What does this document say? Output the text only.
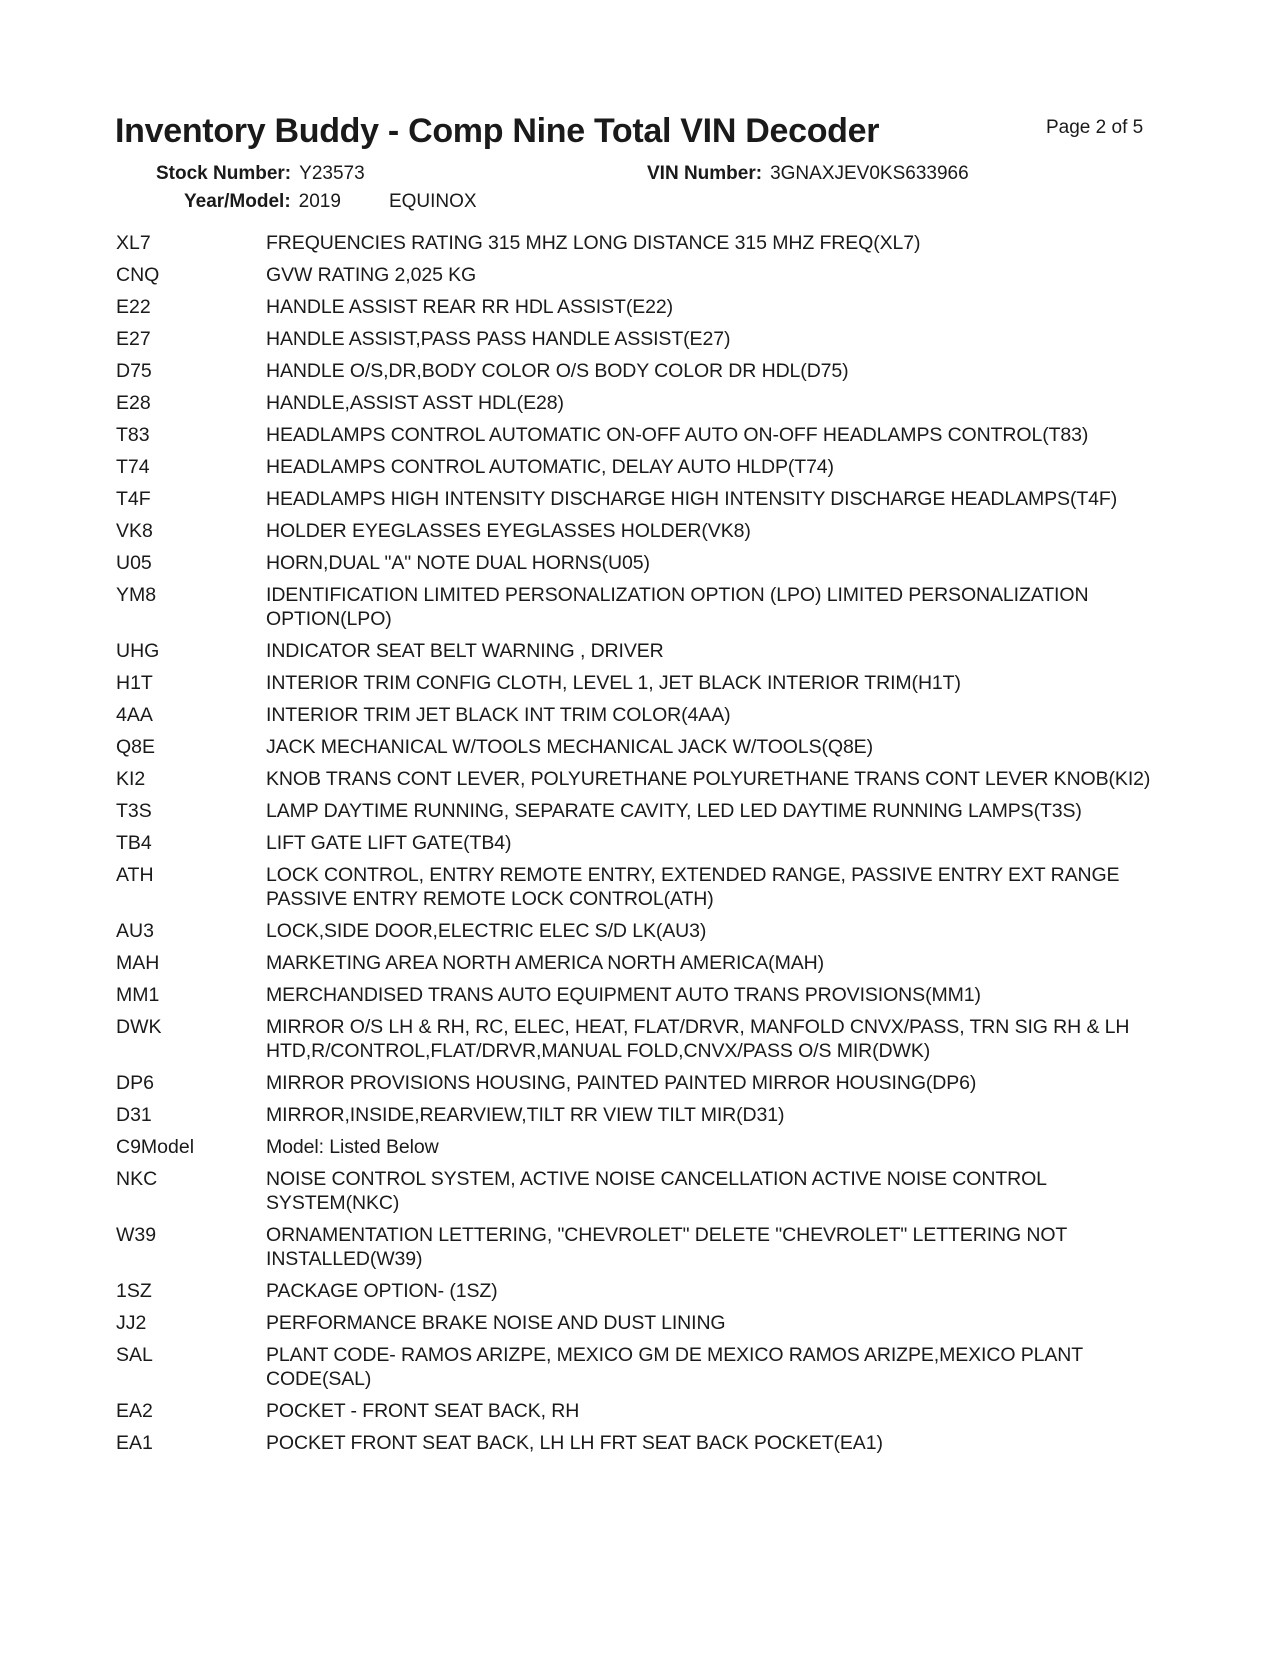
Inventory Buddy - Comp Nine Total VIN Decoder	Page 2 of 5
Stock Number: Y23573	VIN Number: 3GNAXJEV0KS633966
Year/Model: 2019	EQUINOX
XL7	FREQUENCIES RATING 315 MHZ LONG DISTANCE 315 MHZ FREQ(XL7)
CNQ	GVW RATING 2,025 KG
E22	HANDLE ASSIST REAR RR HDL ASSIST(E22)
E27	HANDLE ASSIST,PASS PASS HANDLE ASSIST(E27)
D75	HANDLE O/S,DR,BODY COLOR O/S BODY COLOR DR HDL(D75)
E28	HANDLE,ASSIST ASST HDL(E28)
T83	HEADLAMPS CONTROL AUTOMATIC ON-OFF AUTO ON-OFF HEADLAMPS CONTROL(T83)
T74	HEADLAMPS CONTROL AUTOMATIC, DELAY AUTO HLDP(T74)
T4F	HEADLAMPS HIGH INTENSITY DISCHARGE HIGH INTENSITY DISCHARGE HEADLAMPS(T4F)
VK8	HOLDER EYEGLASSES EYEGLASSES HOLDER(VK8)
U05	HORN,DUAL "A" NOTE DUAL HORNS(U05)
YM8	IDENTIFICATION LIMITED PERSONALIZATION OPTION (LPO) LIMITED PERSONALIZATION OPTION(LPO)
UHG	INDICATOR SEAT BELT WARNING , DRIVER
H1T	INTERIOR TRIM CONFIG CLOTH, LEVEL 1, JET BLACK INTERIOR TRIM(H1T)
4AA	INTERIOR TRIM JET BLACK INT TRIM COLOR(4AA)
Q8E	JACK MECHANICAL W/TOOLS MECHANICAL JACK W/TOOLS(Q8E)
KI2	KNOB TRANS CONT LEVER, POLYURETHANE POLYURETHANE TRANS CONT LEVER KNOB(KI2)
T3S	LAMP DAYTIME RUNNING, SEPARATE CAVITY, LED LED DAYTIME RUNNING LAMPS(T3S)
TB4	LIFT GATE LIFT GATE(TB4)
ATH	LOCK CONTROL, ENTRY REMOTE ENTRY, EXTENDED RANGE, PASSIVE ENTRY EXT RANGE PASSIVE ENTRY REMOTE LOCK CONTROL(ATH)
AU3	LOCK,SIDE DOOR,ELECTRIC ELEC S/D LK(AU3)
MAH	MARKETING AREA NORTH AMERICA NORTH AMERICA(MAH)
MM1	MERCHANDISED TRANS AUTO EQUIPMENT AUTO TRANS PROVISIONS(MM1)
DWK	MIRROR O/S LH & RH, RC, ELEC, HEAT, FLAT/DRVR, MANFOLD CNVX/PASS, TRN SIG RH & LH HTD,R/CONTROL,FLAT/DRVR,MANUAL FOLD,CNVX/PASS O/S MIR(DWK)
DP6	MIRROR PROVISIONS HOUSING, PAINTED PAINTED MIRROR HOUSING(DP6)
D31	MIRROR,INSIDE,REARVIEW,TILT RR VIEW TILT MIR(D31)
C9Model	Model: Listed Below
NKC	NOISE CONTROL SYSTEM, ACTIVE NOISE CANCELLATION ACTIVE NOISE CONTROL SYSTEM(NKC)
W39	ORNAMENTATION LETTERING, "CHEVROLET" DELETE "CHEVROLET" LETTERING NOT INSTALLED(W39)
1SZ	PACKAGE OPTION- (1SZ)
JJ2	PERFORMANCE BRAKE NOISE AND DUST LINING
SAL	PLANT CODE- RAMOS ARIZPE, MEXICO GM DE MEXICO RAMOS ARIZPE,MEXICO PLANT CODE(SAL)
EA2	POCKET - FRONT SEAT BACK, RH
EA1	POCKET FRONT SEAT BACK, LH LH FRT SEAT BACK POCKET(EA1)
